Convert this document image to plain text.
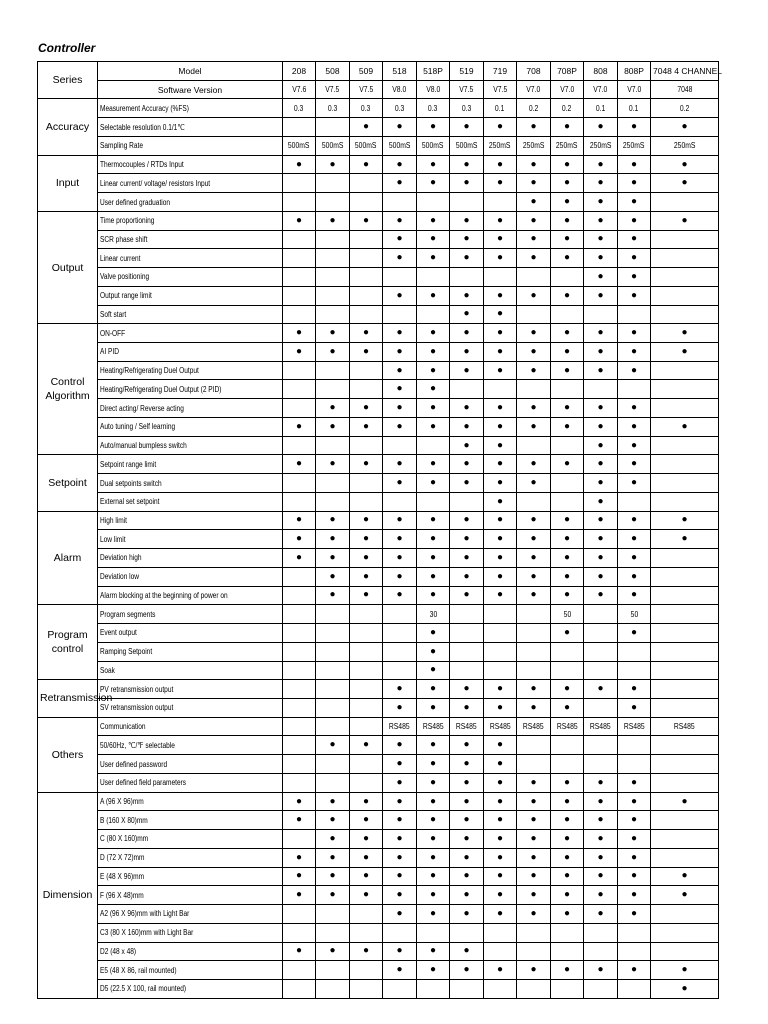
Controller
Series	Model	208	508	509	518	518P	519	719	708	708P	808	808P	7048 4 CHANNEL
	Software Version	V7.6	V7.5	V7.5	V8.0	V8.0	V7.5	V7.5	V7.0	V7.0	V7.0	V7.0	7048
Accuracy	Measurement Accuracy (%FS)	0.3	0.3	0.3	0.3	0.3	0.3	0.1	0.2	0.2	0.1	0.1	0.2
	Selectable resolution 0.1/1℃			●	●	●	●	●	●	●	●	●	●
	Sampling Rate	500mS	500mS	500mS	500mS	500mS	500mS	250mS	250mS	250mS	250mS	250mS	250mS
Input	Thermocouples / RTDs Input	●	●	●	●	●	●	●	●	●	●	●	●
	Linear current/ voltage/ resistors Input				●	●	●	●	●	●	●	●	●
	User defined graduation								●	●	●	●	
Output	Time proportioning	●	●	●	●	●	●	●	●	●	●	●	●
	SCR phase shift				●	●	●	●	●	●	●	●	
	Linear current				●	●	●	●	●	●	●	●	
	Valve positioning										●	●	
	Output range limit				●	●	●	●	●	●	●	●	
	Soft start						●	●					
Control Algorithm	ON-OFF	●	●	●	●	●	●	●	●	●	●	●	●
	AI PID	●	●	●	●	●	●	●	●	●	●	●	●
	Heating/Refrigerating Duel Output				●	●	●	●	●	●	●	●	
	Heating/Refrigerating Duel Output (2 PID)				●	●							
	Direct acting/ Reverse acting		●	●	●	●	●	●	●	●	●	●	
	Auto tuning / Self learning	●	●	●	●	●	●	●	●	●	●	●	●
	Auto/manual bumpless switch						●	●			●	●	
Setpoint	Setpoint range limit	●	●	●	●	●	●	●	●	●	●	●	
	Dual setpoints switch				●	●	●	●	●		●	●	
	External set setpoint							●			●		
Alarm	High limit	●	●	●	●	●	●	●	●	●	●	●	●
	Low limit	●	●	●	●	●	●	●	●	●	●	●	●
	Deviation high	●	●	●	●	●	●	●	●	●	●	●	
	Deviation low		●	●	●	●	●	●	●	●	●	●	
	Alarm blocking at the beginning of power on		●	●	●	●	●	●	●	●	●	●	
Program control	Program segments					30				50		50	
	Event output					●				●		●	
	Ramping Setpoint					●							
	Soak					●							
Retransmission	PV retransmission output				●	●	●	●	●	●	●	●	
	SV retransmission output				●	●	●	●	●	●		●	
Others	Communication				RS485	RS485	RS485	RS485	RS485	RS485	RS485	RS485	RS485
	50/60Hz, ℃/℉ selectable		●	●	●	●	●	●					
	User defined password				●	●	●	●					
	User defined field parameters				●	●	●	●	●	●	●	●	
Dimension	A (96 X 96)mm	●	●	●	●	●	●	●	●	●	●	●	●
	B (160 X 80)mm	●	●	●	●	●	●	●	●	●	●	●	
	C (80 X 160)mm		●	●	●	●	●	●	●	●	●	●	
	D (72 X 72)mm	●	●	●	●	●	●	●	●	●	●	●	
	E (48 X 96)mm	●	●	●	●	●	●	●	●	●	●	●	●
	F (96 X 48)mm	●	●	●	●	●	●	●	●	●	●	●	●
	A2 (96 X 96)mm with Light Bar				●	●	●	●	●	●	●	●	
	C3 (80 X 160)mm with Light Bar												
	D2 (48 x 48)	●	●	●	●	●	●						
	E5 (48 X 86, rail mounted)				●	●	●	●	●	●	●	●	●
	D5 (22.5 X 100, rail mounted)												●
